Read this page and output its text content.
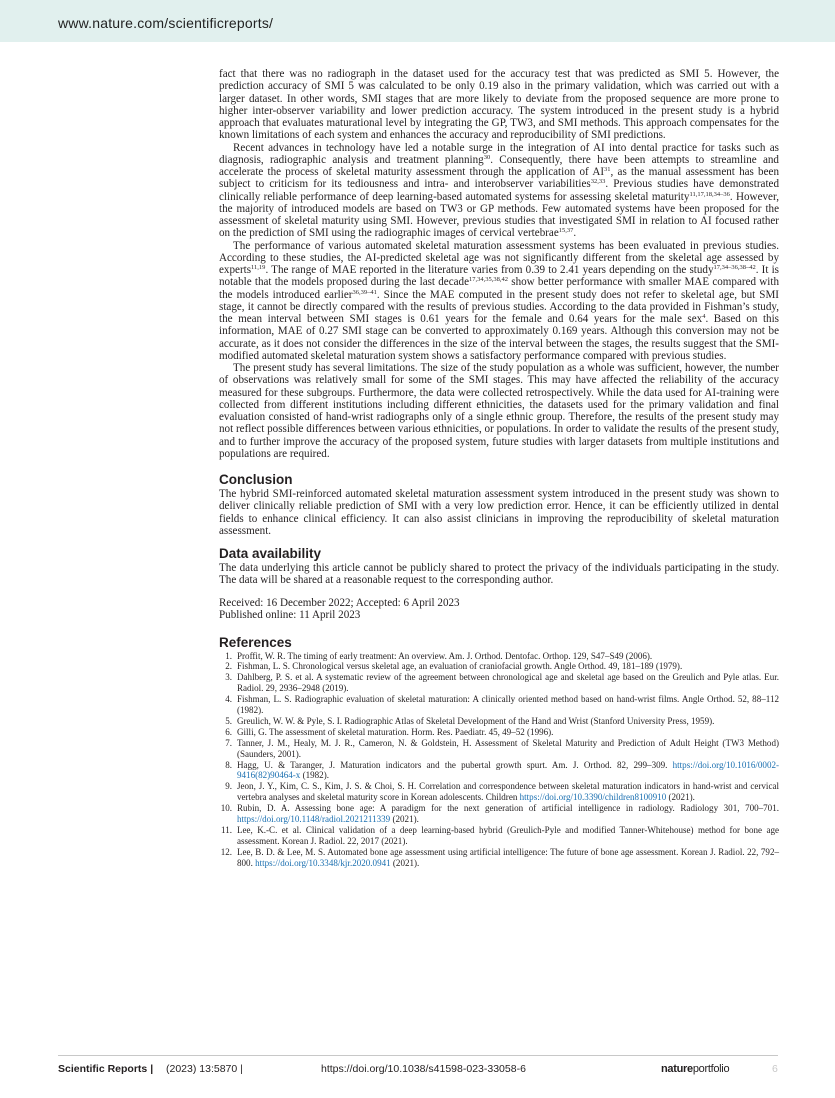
www.nature.com/scientificreports/

fact that there was no radiograph in the dataset used for the accuracy test that was predicted as SMI 5. However, the prediction accuracy of SMI 5 was calculated to be only 0.19 also in the primary validation, which was carried out with a larger dataset. In other words, SMI stages that are more likely to deviate from the proposed sequence are more prone to higher inter-observer variability and lower prediction accuracy. The system introduced in the present study is a hybrid approach that evaluates maturational level by integrating the GP, TW3, and SMI methods. This approach compensates for the known limitations of each system and enhances the accuracy and reproducibility of SMI predictions.

Recent advances in technology have led a notable surge in the integration of AI into dental practice for tasks such as diagnosis, radiographic analysis and treatment planning$^{30}$. Consequently, there have been attempts to streamline and accelerate the process of skeletal maturity assessment through the application of AI$^{31}$, as the manual assessment has been subject to criticism for its tediousness and intra- and interobserver variabilities$^{32,33}$. Previous studies have demonstrated clinically reliable performance of deep learning-based automated systems for assessing skeletal maturity$^{11,17,18,34-36}$. However, the majority of introduced models are based on TW3 or GP methods. Few automated systems have been proposed for the assessment of skeletal maturity using SMI. However, previous studies that investigated SMI in relation to AI focused rather on the prediction of SMI using the radiographic images of cervical vertebrae$^{15,37}$.

The performance of various automated skeletal maturation assessment systems has been evaluated in previous studies. According to these studies, the AI-predicted skeletal age was not significantly different from the skeletal age assessed by experts$^{11,19}$. The range of MAE reported in the literature varies from 0.39 to 2.41 years depending on the study$^{17,34-36,38-42}$. It is notable that the models proposed during the last decade$^{17,34,35,38,42}$ show better performance with smaller MAE compared with the models introduced earlier$^{36,39-41}$. Since the MAE computed in the present study does not refer to skeletal age, but SMI stage, it cannot be directly compared with the results of previous studies. According to the data provided in Fishman’s study, the mean interval between SMI stages is 0.61 years for the female and 0.64 years for the male sex$^4$. Based on this information, MAE of 0.27 SMI stage can be converted to approximately 0.169 years. Although this conversion may not be accurate, as it does not consider the differences in the size of the interval between the stages, the results suggest that the SMI-modified automated skeletal maturation system shows a satisfactory performance compared with previous studies.

The present study has several limitations. The size of the study population as a whole was sufficient, however, the number of observations was relatively small for some of the SMI stages. This may have affected the reliability of the accuracy measured for these subgroups. Furthermore, the data were collected retrospectively. While the data used for AI-training were collected from different institutions including different ethnicities, the datasets used for the primary validation and final evaluation consisted of hand-wrist radiographs only of a single ethnic group. Therefore, the results of the present study may not reflect possible differences between various ethnicities, or populations. In order to validate the results of the present study, and to further improve the accuracy of the proposed system, future studies with larger datasets from multiple institutions and populations are required.

Conclusion

The hybrid SMI-reinforced automated skeletal maturation assessment system introduced in the present study was shown to deliver clinically reliable prediction of SMI with a very low prediction error. Hence, it can be efficiently utilized in dental fields to enhance clinical efficiency. It can also assist clinicians in improving the reproducibility of skeletal maturation assessment.

Data availability

The data underlying this article cannot be publicly shared to protect the privacy of the individuals participating in the study. The data will be shared at a reasonable request to the corresponding author.

Received: 16 December 2022; Accepted: 6 April 2023
Published online: 11 April 2023
References
1. Proffit, W. R. The timing of early treatment: An overview. Am. J. Orthod. Dentofac. Orthop. 129, S47–S49 (2006).
2. Fishman, L. S. Chronological versus skeletal age, an evaluation of craniofacial growth. Angle Orthod. 49, 181–189 (1979).
3. Dahlberg, P. S. et al. A systematic review of the agreement between chronological age and skeletal age based on the Greulich and Pyle atlas. Eur. Radiol. 29, 2936–2948 (2019).
4. Fishman, L. S. Radiographic evaluation of skeletal maturation: A clinically oriented method based on hand-wrist films. Angle Orthod. 52, 88–112 (1982).
5. Greulich, W. W. & Pyle, S. I. Radiographic Atlas of Skeletal Development of the Hand and Wrist (Stanford University Press, 1959).
6. Gilli, G. The assessment of skeletal maturation. Horm. Res. Paediatr. 45, 49–52 (1996).
7. Tanner, J. M., Healy, M. J. R., Cameron, N. & Goldstein, H. Assessment of Skeletal Maturity and Prediction of Adult Height (TW3 Method) (Saunders, 2001).
8. Hagg, U. & Taranger, J. Maturation indicators and the pubertal growth spurt. Am. J. Orthod. 82, 299–309. https://doi.org/10.1016/0002-9416(82)90464-x (1982).
9. Jeon, J. Y., Kim, C. S., Kim, J. S. & Choi, S. H. Correlation and correspondence between skeletal maturation indicators in hand-wrist and cervical vertebra analyses and skeletal maturity score in Korean adolescents. Children https://doi.org/10.3390/children8100910 (2021).
10. Rubin, D. A. Assessing bone age: A paradigm for the next generation of artificial intelligence in radiology. Radiology 301, 700–701. https://doi.org/10.1148/radiol.2021211339 (2021).
11. Lee, K.-C. et al. Clinical validation of a deep learning-based hybrid (Greulich-Pyle and modified Tanner-Whitehouse) method for bone age assessment. Korean J. Radiol. 22, 2017 (2021).
12. Lee, B. D. & Lee, M. S. Automated bone age assessment using artificial intelligence: The future of bone age assessment. Korean J. Radiol. 22, 792–800. https://doi.org/10.3348/kjr.2020.0941 (2021).
Scientific Reports | (2023) 13:5870 |	https://doi.org/10.1038/s41598-023-33058-6	natureportfolio	6
